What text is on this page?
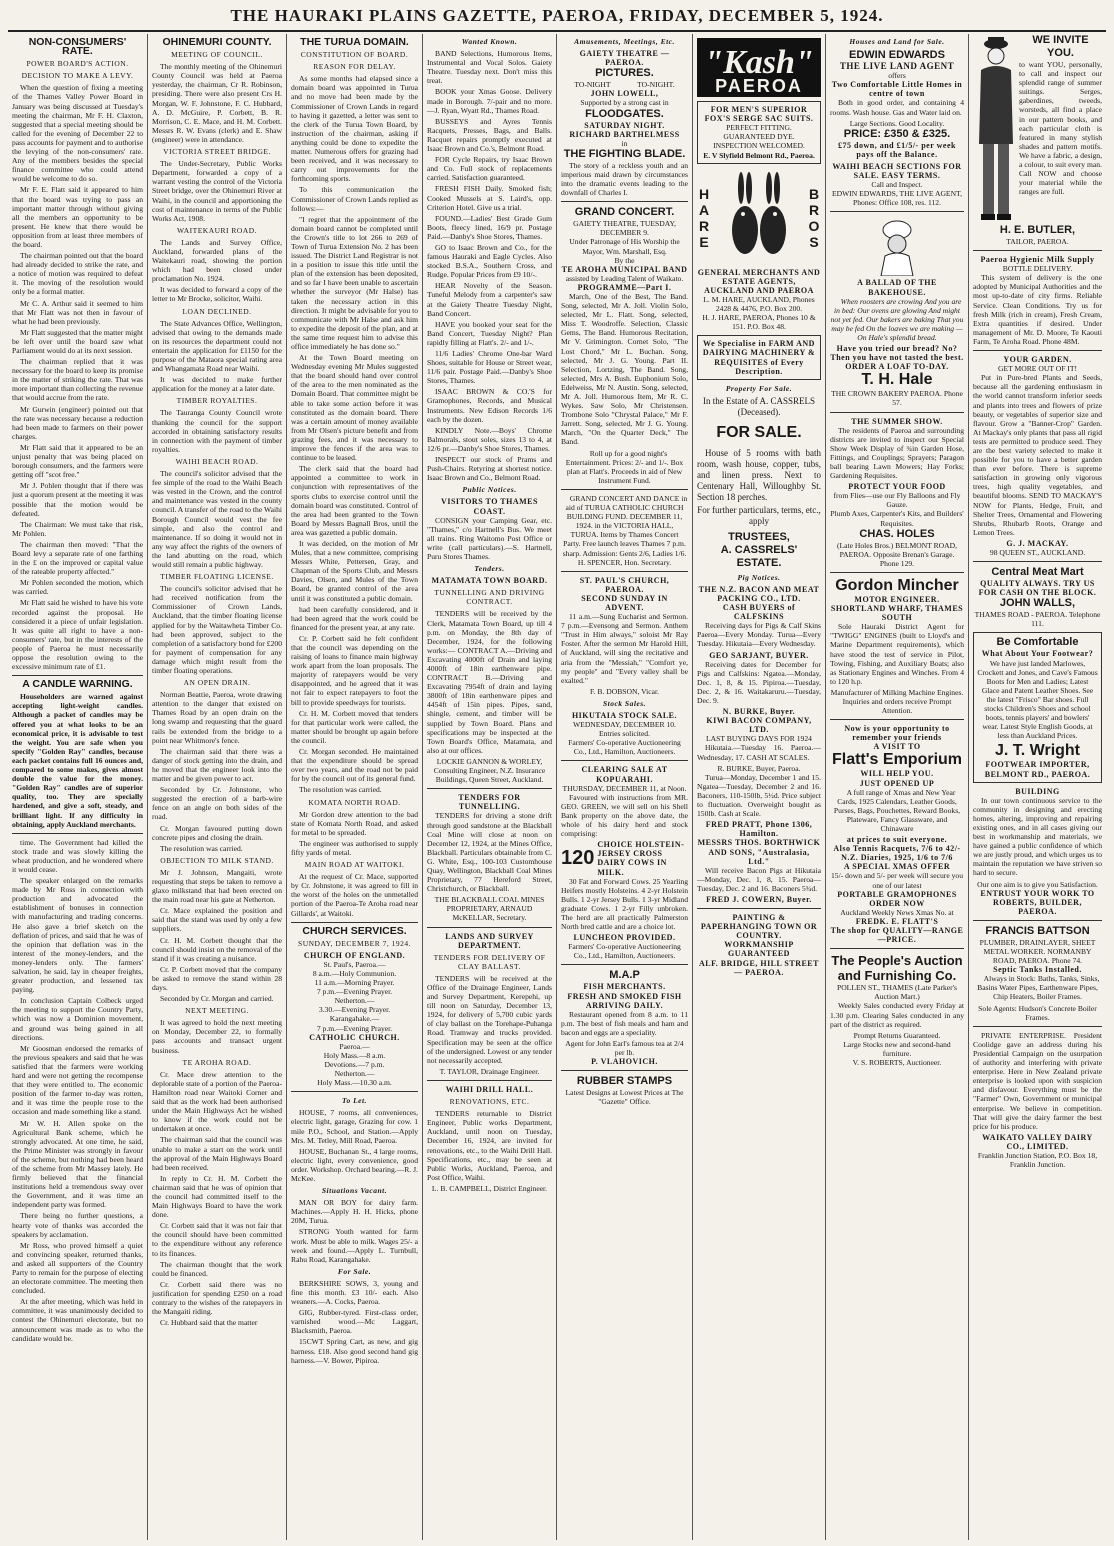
THE HAURAKI PLAINS GAZETTE, PAEROA, FRIDAY, DECEMBER 5, 1924.
NON-CONSUMERS' RATE.
POWER BOARD'S ACTION.
DECISION TO MAKE A LEVY.

When the question of fixing a meeting of the Thames Valley Power Board in January was being discussed at Tuesday's meeting the chairman, Mr F. H. Claxton, suggested that a special meeting should be called for the evening of December 22 to pass accounts for payment and to authorise the levying of the non-consumers' rate. Any of the members besides the special finance committee who could attend would be welcome to do so.

Mr F. E. Flatt said it appeared to him that the board was trying to pass an important matter through without giving all the members an opportunity to be present. He knew that there would be opposition from at least three members of the board.

The chairman pointed out that the board had already decided to strike the rate, and a notice of motion was required to defeat it. The moving of the resolution would only be a formal matter.

Mr C. A. Arthur said it seemed to him that Mr Flatt was not then in favour of what he had been previously.

Mr Flatt suggested that the matter might be left over until the board saw what Parliament would do at its next session.

The chairman replied that it was necessary for the board to keep its promise in the matter of striking the rate. That was more important than collecting the revenue that would accrue from the rate.

Mr Gurwin (engineer) pointed out that the rate was necessary because a reduction had been made to farmers on their power charges.

Mr Flatt said that it appeared to be an unjust penalty that was being placed on borough consumers, and the farmers were getting off "scot free."

Mr J. Pohlen thought that if there was just a quorum present at the meeting it was possible that the motion would be defeated.

The Chairman: We must take that risk, Mr Pohlen.

The chairman then moved: "That the Board levy a separate rate of one farthing in the £ on the improved or capital value of the rateable property affected."

Mr Pohlen seconded the motion, which was carried.

Mr Flatt said he wished to have his vote recorded against the proposal. He considered it a piece of unfair legislation. It was quite all right to have a non-consumers' rate, but in the interests of the people of Paeroa he must necessarily oppose the resolution owing to the excessive minimum rate of £1.

A CANDLE WARNING.

Householders are warned against accepting light-weight candles. Although a packet of candles may be offered you at what looks to be an economical price, it is advisable to test the weight. You are safe when you specify "Golden Ray" candles, because each packet contains full 16 ounces and, compared to some makes, gives almost double the value for the money. "Golden Ray" candles are of superior quality, too. They are specially hardened, and give a soft, steady, and brilliant light. If any difficulty in obtaining, apply Auckland merchants.

time. The Government had killed the stock trade and was slowly killing the wheat production, and he wondered where it would cease.

The speaker enlarged on the remarks made by Mr Ross in connection with production and advocated the establishment of bonuses in connection with manufacturing and trading concerns. He also gave a brief sketch on the deflation of prices, and said that he was of the opinion that deflation was in the interest of the money-lenders, and the money-lenders only. The farmers' salvation, he said, lay in cheaper freights, greater production, and lessened tax paying.

In conclusion Captain Colbeck urged the meeting to support the Country Party, which was now a Dominion movement, and ground was being gained in all directions.

Mr Goosman endorsed the remarks of the previous speakers and said that he was satisfied that the farmers were working hard and were not getting the recompense that they were entitled to. The economic position of the farmer to-day was rotten, and it was time the people rose to the occasion and made something like a stand.

Mr W. H. Allen spoke on the Agricultural Bank scheme, which he strongly advocated. At one time, he said, the Prime Minister was strongly in favour of the scheme, but nothing had been heard of the scheme from Mr Massey lately. He firmly believed that the financial institutions held a tremendous sway over the Government, and it was time an independent party was formed.

There being no further questions, a hearty vote of thanks was accorded the speakers by acclamation.

Mr Ross, who proved himself a quiet and convincing speaker, returned thanks, and asked all supporters of the Country Party to remain for the purpose of electing an electorate committee. The meeting then concluded.

At the after meeting, which was held in committee, it was unanimously decided to contest the Ohinemuri electorate, but no announcement was made as to who the candidate would be.

OHINEMURI COUNTY.
MEETING OF COUNCIL.

The monthly meeting of the Ohinemuri County Council was held at Paeroa yesterday, the chairman, Cr R. Robinson, presiding. There were also present Crs H. Morgan, W. F. Johnstone, F. C. Hubbard, A. D. McGuire, P. Corbett, B. R. Morrison, C. E. Mace, and H. M. Corbett. Messrs R. W. Evans (clerk) and E. Shaw (engineer) were in attendance.

VICTORIA STREET BRIDGE.

The Under-Secretary, Public Works Department, forwarded a copy of a warrant vesting the control of the Victoria Street bridge, over the Ohinemuri River at Waihi, in the council and apportioning the cost of maintenance in terms of the Public Works Act, 1908.

WAITEKAURI ROAD.

The Lands and Survey Office, Auckland, forwarded plans of the Waitekauri road, showing the portion which had been closed under proclamation No. 1924.

It was decided to forward a copy of the letter to Mr Brocke, solicitor, Waihi.

LOAN DECLINED.

The State Advances Office, Wellington, advised that owing to the demands made on its resources the department could not entertain the application for £1150 for the purpose of the Mataora special rating area and Whangamata Road near Waihi.

It was decided to make further application for the money at a later date.

TIMBER ROYALTIES.

The Tauranga County Council wrote thanking the council for the support accorded in obtaining satisfactory results in connection with the payment of timber royalties.

WAIHI BEACH ROAD.

The council's solicitor advised that the fee simple of the road to the Waihi Beach was vested in the Crown, and the control and maintenance was vested in the county council. A transfer of the road to the Waihi Borough Council would vest the fee simple, and also the control and maintenance. If so doing it would not in any way affect the rights of the owners of the land abutting on the road, which would still remain a public highway.

TIMBER FLOATING LICENSE.

The council's solicitor advised that he had received notification from the Commissioner of Crown Lands, Auckland, that the timber floating license applied for by the Waitawheta Timber Co. had been approved, subject to the completion of a satisfactory bond for £200 for payment of compensation for any damage which might result from the timber floating operations.

AN OPEN DRAIN.

Norman Beattie, Paeroa, wrote drawing attention to the danger that existed on Thames Road by an open drain on the long swamp and requesting that the guard rails be extended from the bridge to a point near Whitmore's fence.

The chairman said that there was a danger of stock getting into the drain, and he moved that the engineer look into the matter and be given power to act.

Seconded by Cr. Johnstone, who suggested the erection of a barb-wire fence on an angle on both sides of the road.

Cr. Morgan favoured putting down concrete pipes and closing the drain.

The resolution was carried.

OBJECTION TO MILK STAND.

Mr J. Johnson, Mangaiti, wrote requesting that steps be taken to remove a glaxo milkstand that had been erected on the main road near his gate at Netherton.

Cr. Mace explained the position and said that the stand was used by only a few suppliers.

Cr. H. M. Corbett thought that the council should insist on the removal of the stand if it was creating a nuisance.

Cr. P. Corbett moved that the company be asked to remove the stand within 28 days.

Seconded by Cr. Morgan and carried.

NEXT MEETING.

It was agreed to hold the next meeting on Monday, December 22, to formally pass accounts and transact urgent business.

TE AROHA ROAD.

Cr. Mace drew attention to the deplorable state of a portion of the Paeroa-Hamilton road near Waitoki Corner and said that as the work had been authorised under the Main Highways Act he wished to know if the work could not be undertaken at once.

The chairman said that the council was unable to make a start on the work until the approval of the Main Highways Board had been received.

In reply to Cr. H. M. Corbett the chairman said that he was of opinion that the council had committed itself to the Main Highways Board to have the work done.

Cr. Corbett said that it was not fair that the council should have been committed to the expenditure without any reference to its finances.

The chairman thought that the work could be financed.

Cr. Corbett said there was no justification for spending £250 on a road contrary to the wishes of the ratepayers in the Mangaiti riding.

Cr. Hubbard said that the matter

THE TURUA DOMAIN.
CONSTITUTION OF BOARD.
REASON FOR DELAY.

As some months had elapsed since a domain board was appointed in Turua and no move had been made by the Commissioner of Crown Lands in regard to having it gazetted, a letter was sent to the clerk of the Turua Town Board, by instruction of the chairman, asking if anything could be done to expedite the matter. Numerous offers for grazing had been received, and it was necessary to carry out improvements for the forthcoming sports.

To this communication the Commissioner of Crown Lands replied as follows:—

"I regret that the appointment of the domain board cannot be completed until the Crown's title to lot 266 to 269 of Town of Turua Extension No. 2 has been issued. The District Land Registrar is not in a position to issue this title until the plan of the extension has been deposited, and so far I have been unable to ascertain whether the surveyor (Mr Halse) has taken the necessary action in this direction. It might be advisable for you to communicate with Mr Halse and ask him to expedite the deposit of the plan, and at the same time request him to advise this office immediately he has done so."

At the Town Board meeting on Wednesday evening Mr Mules suggested that the board should hand over control of the area to the men nominated as the Domain Board. That committee might be able to take some action before it was constituted as the domain board. There was a certain amount of money available from Mr Olsen's picture benefit and from grazing fees, and it was necessary to improve the fences if the area was to continue to be leased.

The clerk said that the board had appointed a committee to work in conjunction with representatives of the sports clubs to exercise control until the domain board was constituted. Control of the area had been granted to the Town Board by Messrs Bagnall Bros, until the area was gazetted a public domain.

It was decided, on the motion of Mr Mules, that a new committee, comprising Messrs White, Pettersen, Gray, and Chapman of the Sports Club, and Messrs Davies, Olsen, and Mules of the Town Board, be granted control of the area until it was constituted a public domain.

had been carefully considered, and it had been agreed that the work could be financed for the present year, at any rate.

Cr. P. Corbett said he felt confident that the council was depending on the raising of loans to finance main highway work apart from the loan proposals. The majority of ratepayers would be very disappointed, and he agreed that it was not fair to expect ratepayers to foot the bill to provide speedways for tourists.

Cr. H. M. Corbett moved that tenders for that particular work were called, the matter should be brought up again before the council.

Cr. Morgan seconded. He maintained that the expenditure should be spread over two years, and the road not be paid for by the council out of its general fund.

The resolution was carried.

KOMATA NORTH ROAD.

Mr Gordon drew attention to the bad state of Komata North Road, and asked for metal to be spreaded.

The engineer was authorised to supply fifty yards of metal.

MAIN ROAD AT WAITOKI.

At the request of Cr. Mace, supported by Cr. Johnstone, it was agreed to fill in the worst of the holes on the unmetalled portion of the Paeroa-Te Aroha road near Gillards', at Waitoki.

CHURCH SERVICES.
SUNDAY, DECEMBER 7, 1924.
CHURCH OF ENGLAND.
St. Paul's, Paeroa.—
8 a.m.—Holy Communion.
11 a.m.—Morning Prayer.
7 p.m.—Evening Prayer.
Netherton.—
3.30.—Evening Prayer.
Karangahake.—
7 p.m.—Evening Prayer.
CATHOLIC CHURCH.
Paeroa.—
Holy Mass.—8 a.m.
Devotions.—7 p.m.
Netherton.—
Holy Mass.—10.30 a.m.
To Let.

HOUSE, 7 rooms, all conveniences, electric light, garage, Grazing for cow. 1 mile P.O., School, and Station.—Apply Mrs. M. Tetley, Mill Road, Paeroa.

HOUSE, Buchanan St., 4 large rooms, electric light, every convenience, good order. Workshop. Orchard bearing.—R. J. McKee.

Situations Vacant.

MAN OR BOY for dairy farm. Machines.—Apply H. H. Hicks, phone 20M, Turua.

STRONG Youth wanted for farm work. Must be able to milk. Wages 25/- a week and found.—Apply L. Turnbull, Rahu Road, Karangahake.

For Sale.

BERKSHIRE SOWS, 3, young and fine this month. £3 10/- each. Also weaners.—A. Cocks, Paeroa.

GIG, Rubber-tyred. First-class order, varnished wood.—Mc Laggart, Blacksmith, Paeroa.

15CWT Spring Cart, as new, and gig harness. £18. Also good second hand gig harness.—V. Bower, Pipiroa.

Wanted Known.

BAND Selections, Humorous Items, Instrumental and Vocal Solos. Gaiety Theatre. Tuesday next. Don't miss this treat.

BOOK your Xmas Goose. Delivery made in Borough. 7/-pair and no more.—J. Ryan, Wyatt Rd., Thames Road.

BUSSEYS and Ayres Tennis Racquets, Presses, Bags, and Balls. Racquet repairs promptly executed at Isaac Brown and Co.'s, Belmont Road.

FOR Cycle Repairs, try Isaac Brown and Co. Full stock of replacements carried. Satisfaction guaranteed.

FRESH FISH Daily. Smoked fish; Cooked Mussels at S. Laird's, opp. Criterion Hotel. Give us a trial.

FOUND.—Ladies' Best Grade Gum Boots, fleecy lined, 16/9 pr. Postage Paid.—Danby's Shoe Stores, Thames.

GO to Isaac Brown and Co., for the famous Hauraki and Eagle Cycles. Also stocked B.S.A., Southern Cross, and Rudge. Popular Prices from £9 10/-.

HEAR Novelty of the Season. Tuneful Melody from a carpenter's saw at the Gaiety Theatre Tuesday Night, Band Concert.

HAVE you booked your seat for the Band Concert, Tuesday Night? Plan rapidly filling at Flatt's. 2/- and 1/-.

11/6 Ladies' Chrome One-bar Ward Shoes, suitable for House or Street wear, 11/6 pair. Postage Paid.—Danby's Shoe Stores, Thames.

ISAAC BROWN & CO.'S for Gramophones, Records, and Musical Instruments. New Edison Records 1/6 each by the dozen.

KINDLY Note.—Boys' Chrome Balmorals, stout soles, sizes 13 to 4, at 12/6 pr.—Danby's Shoe Stores, Thames.

INSPECT our stock of Prams and Push-Chairs. Retyring at shortest notice. Isaac Brown and Co., Belmont Road.

Public Notices.
VISITORS TO THAMES COAST.

CONSIGN your Camping Gear, etc. "Thames," c/o Hartnell's Bus. We meet all trains. Ring Waitomo Post Office or write (call particulars).—S. Hartnell, Puru Stores Thames.

Tenders.
MATAMATA TOWN BOARD.
TUNNELLING AND DRIVING CONTRACT.

TENDERS will be received by the Clerk, Matamata Town Board, up till 4 p.m. on Monday, the 8th day of December, 1924, for the following works:— CONTRACT A.—Driving and Excavating 4000ft of Drain and laying 4000ft of 18in earthenware pipe. CONTRACT B.—Driving and Excavating 7954ft of drain and laying 3800ft of 18in earthenware pipes and 4454ft of 15in pipes. Pipes, sand, shingle, cement, and timber will be supplied by Town Board. Plans and specifications may be inspected at the Town Board's Office, Matamata, and also at our offices.

LOCKIE GANNON & WORLEY, Consulting Engineer, N.Z. Insurance Buildings, Queen Street, Auckland.
TENDERS FOR TUNNELLING.

TENDERS for driving a stone drift through good sandstone at the Blackball Coal Mine will close at noon on December 12, 1924, at the Mines Office, Blackball. Particulars obtainable from C. G. White, Esq., 100-103 Customhouse Quay, Wellington, Blackball Coal Mines Proprietary, 77 Hereford Street, Christchurch, or Blackball.

THE BLACKBALL COAL MINES PROPRIETARY, ARNAUD McKELLAR, Secretary.
LANDS AND SURVEY DEPARTMENT.
TENDERS FOR DELIVERY OF CLAY BALLAST.

TENDERS will be received at the Office of the Drainage Engineer, Lands and Survey Department, Kerepehi, up till noon on Saturday, December 13, 1924, for delivery of 5,700 cubic yards of clay ballast on the Torehape-Puhanga Road. Tramway and trucks provided. Specification may be seen at the office of the undersigned. Lowest or any tender not necessarily accepted.

T. TAYLOR, Drainage Engineer.
WAIHI DRILL HALL.
RENOVATIONS, ETC.

TENDERS returnable to District Engineer, Public works Department, Auckland, until noon on Tuesday, December 16, 1924, are invited for renovations, etc., to the Waihi Drill Hall. Specifications, etc., may be seen at Public Works, Auckland, Paeroa, and Post Office, Waihi.

L. B. CAMPBELL, District Engineer.
Amusements, Meetings, Etc.
GAIETY THEATRE — PAEROA.
PICTURES.
TO-NIGHT	TO-NIGHT.
JOHN LOWELL,
Supported by a strong cast in
FLOODGATES.
SATURDAY NIGHT.
RICHARD BARTHELMESS
in
THE FIGHTING BLADE.

The story of a reckless youth and an imperious maid drawn by circumstances into the dramatic events leading to the downfall of Charles I.

GRAND CONCERT.
GAIETY THEATRE, TUESDAY, DECEMBER 9.
Under Patronage of His Worship the Mayor, Wm. Marshall, Esq.
By the
TE AROHA MUNICIPAL BAND
assisted by Leading Talent of Waikato.
PROGRAMME—Part I.

March, One of the Best, The Band. Song, selected, Mr A. Joll. Violin Solo, selected, Mr L. Flatt. Song, selected, Miss T. Woodroffe. Selection, Classic Gems, The Band. Humorous Recitation, Mr V. Grimington. Cornet Solo, "The Lost Chord," Mr L. Buchan. Song, selected, Mr J. G. Young. Part II. Selection, Lortzing, The Band. Song, selected, Mrs A. Bush. Euphonium Solo, Edelweiss, Mr N. Austin. Song, selected, Mr A. Joll. Humorous Item, Mr R. C. Wykes. Saw Solo, Mr Christensen. Trombone Solo "Chrystal Palace," Mr F. Jarrett. Song, selected, Mr J. G. Young. March, "On the Quarter Deck," The Band.

Roll up for a good night's Entertainment. Prices: 2/- and 1/-. Box plan at Flatt's. Proceeds in aid of New Instrument Fund.

GRAND CONCERT AND DANCE in aid of TURUA CATHOLIC CHURCH BUILDING FUND. DECEMBER 11, 1924. in the VICTORIA HALL, TURUA. Items by Thames Concert Party. Free launch leaves Thames 7 p.m. sharp. Admission: Gents 2/6, Ladies 1/6. H. SPENCER, Hon. Secretary.

ST. PAUL'S CHURCH, PAEROA.
SECOND SUNDAY IN ADVENT.

11 a.m.—Sung Eucharist and Sermon. 7 p.m.—Evensong and Sermon. Anthem "Trust in Him always," soloist Mr Ray Foster. After the sermon Mr Harold Hill, of Auckland, will sing the recitative and aria from the "Messiah," "Comfort ye, my people" and "Every valley shall be exalted."

F. B. DOBSON, Vicar.
Stock Sales.
HIKUTAIA STOCK SALE.
WEDNESDAY, DECEMBER 10.
Entries solicited.
Farmers' Co-operative Auctioneering Co., Ltd., Hamilton, Auctioneers.
CLEARING SALE AT KOPUARAHI.
THURSDAY, DECEMBER 11, at Noon.

Favoured with instructions from MR. GEO. GREEN, we will sell on his Shell Bank property on the above date, the whole of his dairy herd and stock comprising:

120
CHOICE HOLSTEIN-JERSEY CROSS DAIRY COWS IN MILK.

30 Fat and Forward Cows. 25 Yearling Heifers mostly Holsteins. 4 2-yr Holstein Bulls. 1 2-yr Jersey Bulls. 1 3-yr Midland graduate Cows. 1 2-yr Filly unbroken. The herd are all practically Palmerston North bred cattle and are a choice lot.

LUNCHEON PROVIDED.
Farmers' Co-operative Auctioneering Co., Ltd., Hamilton, Auctioneers.
M.A.P
FISH MERCHANTS.
FRESH AND SMOKED FISH ARRIVING DAILY.

Restaurant opened from 8 a.m. to 11 p.m. The best of fish meals and ham and bacon and eggs are a speciality.

Agent for John Earl's famous tea at 2/4 per lb.
P. VLAHOVICH.
RUBBER STAMPS
Latest Designs at Lowest Prices at The "Gazette" Office.
"Kash"
PAEROA
FOR MEN'S SUPERIOR FOX'S SERGE SAC SUITS.
PERFECT FITTING.
GUARANTEED DYE.
INSPECTION WELCOMED.
E. V Slyfield Belmont Rd., Paeroa.
HARE	BROS
GENERAL MERCHANTS AND ESTATE AGENTS,
AUCKLAND AND PAEROA
L. M. HARE, AUCKLAND, Phones 2428 & 4476, P.O. Box 200.
H. J. HARE, PAEROA, Phones 10 & 151. P.O. Box 48.
We Specialise in FARM AND DAIRYING MACHINERY & REQUISITES of Every Description.
Property For Sale.
In the Estate of A. CASSRELS (Deceased).
FOR SALE.

House of 5 rooms with bath room, wash house, copper, tubs, and linen press. Next to Centenary Hall, Willoughby St. Section 18 perches.

For further particulars, terms, etc., apply
TRUSTEES,
A. CASSRELS' ESTATE.
Pig Notices.
THE N.Z. BACON AND MEAT PACKING CO., LTD.
CASH BUYERS of CALFSKINS

Receiving days for Pigs & Calf Skins Paeroa—Every Monday. Turua—Every Tuesday. Hikutaia—Every Wednesday.

GEO SARJANT, BUYER.

Receiving dates for December for Pigs and Calfskins: Ngatea.—Monday, Dec. 1, 8, & 15. Pipiroa.—Tuesday, Dec. 2, & 16. Waitakaruru.—Tuesday, Dec. 9.

N. BURKE, Buyer.
KIWI BACON COMPANY, LTD.
LAST BUYING DAYS FOR 1924

Hikutaia.—Tuesday 16. Paeroa.—Wednesday, 17. CASH AT SCALES.

R. BURKE, Buyer, Paeroa.

Turua—Monday, December 1 and 15. Ngatea—Tuesday, December 2 and 16. Baconers, 110-150lb, 5½d. Price subject to fluctuation. Overweight bought as 150lb. Cash at Scale.

FRED PRATT, Phone 1306, Hamilton.
MESSRS THOS. BORTHWICK AND SONS, "Australasia, Ltd."

Will receive Bacon Pigs at Hikutaia—Monday, Dec. 1, 8, 15. Paeroa—Tuesday, Dec. 2 and 16. Baconers 5¾d.

FRED J. COWERN, Buyer.
PAINTING & PAPERHANGING TOWN OR COUNTRY.
WORKMANSHIP GUARANTEED
ALF. BRIDGE, HILL STREET — PAEROA.
Houses and Land for Sale.
EDWIN EDWARDS
THE LIVE LAND AGENT
offers
Two Comfortable Little Homes in centre of town

Both in good order, and containing 4 rooms. Wash house. Gas and Water laid on.

Large Sections. Good Locality.
PRICE: £350 & £325.
£75 down, and £1/5/- per week pays off the Balance.
WAIHI BEACH SECTIONS FOR SALE. EASY TERMS.
Call and Inspect.
EDWIN EDWARDS, THE LIVE AGENT, Phones: Office 108, res. 112.
A BALLAD OF THE BAKEHOUSE.

When roosters are crowing And you are in bed: Our ovens are glowing And might not yet fed. Our bakers are baking That you may be fed On the loaves we are making —On Hale's splendid bread.

Have you tried our bread? No? Then you have not tasted the best.
ORDER A LOAF TO-DAY.
T. H. Hale
THE CROWN BAKERY PAEROA. Phone 57.
THE SUMMER SHOW.

The residents of Paeroa and surrounding districts are invited to inspect our Special Show Week Display of ¾in Garden Hose, Fittings, and Couplings; Sprayers; Paragon ball bearing Lawn Mowers; Hay Forks; Gardening Requisites.

PROTECT YOUR FOOD
from Flies—use our Fly Balloons and Fly Gauze.
Plumb Axes, Carpenter's Kits, and Builders' Requisites.
CHAS. HOLES
(Late Holes Bros.) BELMONT ROAD, PAEROA. Opposite Brenan's Garage. Phone 129.
Gordon Mincher
MOTOR ENGINEER. SHORTLAND WHARF, THAMES SOUTH

Sole Hauraki District Agent for "TWIGG" ENGINES (built to Lloyd's and Marine Department requirements), which have stood the test of service in Pilot, Towing, Fishing, and Auxiliary Boats; also as Stationary Engines and Winches. From 4 to 120 h.p.

Manufacturer of Milking Machine Engines.
Inquiries and orders receive Prompt Attention.
Now is your opportunity to remember your friends
A VISIT TO
Flatt's Emporium
WILL HELP YOU.
JUST OPENED UP

A full range of Xmas and New Year Cards, 1925 Calendars, Leather Goods, Purses, Bags, Pouchettes, Reward Books, Plateware, Fancy Glassware, and Chinaware

at prices to suit everyone.
Also Tennis Racquets, 7/6 to 42/- N.Z. Diaries, 1925, 1/6 to 7/6
A SPECIAL XMAS OFFER
15/- down and 5/- per week will secure you one of our latest
PORTABLE GRAMOPHONES
ORDER NOW
Auckland Weekly News Xmas No. at
FREDK. E. FLATT'S
The shop for QUALITY—RANGE—PRICE.
The People's Auction and Furnishing Co.
POLLEN ST., THAMES (Late Parker's Auction Mart.)

Weekly Sales conducted every Friday at 1.30 p.m. Clearing Sales conducted in any part of the district as required.

Prompt Returns Guaranteed.
Large Stocks new and second-hand furniture.
V. S. ROBERTS, Auctioneer.
WE INVITE YOU.

to want YOU, personally, to call and inspect our splendid range of summer suitings. Serges, gaberdines, tweeds, worsteds, all find a place in our pattern books, and each particular cloth is featured in many stylish shades and pattern motifs. We have a fabric, a design, a colour, to suit every man. Call NOW and choose your material while the ranges are full.

H. E. BUTLER,
TAILOR, PAEROA.
Paeroa Hygienic Milk Supply
BOTTLE DELIVERY.

This system of delivery is the one adopted by Municipal Authorities and the most up-to-date of city firms. Reliable Service. Clean Conditions. Try us for fresh Milk (rich in cream), Fresh Cream, Extra quantities if desired. Under management of Mr. D. Moore, Te Kaouti Farm, Te Aroha Road. Phone 48M.

YOUR GARDEN.
GET MORE OUT OF IT!

Put in Pure-bred Plants and Seeds, because all the gardening enthusiasm in the world cannot transform inferior seeds and plants into trees and flowers of prize beauty, or vegetables of superior size and flavour. Grow a "Banner-Crop" Garden. At Mackay's only plants that pass all rigid tests are permitted to produce seed. They are the best variety selected to make it possible for you to have a better garden than ever before. There is supreme satisfaction in growing only vigorous trees, high quality vegetables, and beautiful blooms. SEND TO MACKAY'S NOW for Plants, Hedge, Fruit, and Shelter Trees, Ornamental and Flowering Shrubs, Rhubarb Roots, Orange and Lemon Trees.

G. J. MACKAY.
98 QUEEN ST., AUCKLAND.
Central Meat Mart
QUALITY ALWAYS. TRY US FOR CASH ON THE BLOCK.
JOHN WALLS,
THAMES ROAD - PAEROA. Telephone 111.
Be Comfortable
What About Your Footwear?

We have just landed Marlowes, Crockett and Jones, and Cave's Famous Boots for Men and Ladies; Latest Glace and Patent Leather Shoes. See the latest "Frisco" Bar shoes. Full stocks Children's Shoes and school boots, tennis players' and bowlers' wear. Latest Style English Goods, at less than Auckland Prices.

J. T. Wright
FOOTWEAR IMPORTER, BELMONT RD., PAEROA.
BUILDING

In our town continuous service to the community in designing and erecting homes, altering, improving and repairing existing ones, and in all cases giving our best in workmanship and materials, we have gained a public confidence of which we are justly proud, and which urges us to maintain the reputation we have striven so hard to secure.

Our one aim is to give you Satisfaction.
ENTRUST YOUR WORK TO ROBERTS, BUILDER, PAEROA.
FRANCIS BATTSON
PLUMBER, DRAINLAYER, SHEET METAL WORKER. NORMANBY ROAD, PAEROA. Phone 74.
Septic Tanks Installed.

Always in Stock: Baths, Tanks, Sinks, Basins Water Pipes, Earthenware Pipes, Chip Heaters, Boiler Frames.

Sole Agents: Hudson's Concrete Boiler Frames.

PRIVATE ENTERPRISE. President Coolidge gave an address during his Presidential Campaign on the usurpation of authority and interfering with private enterprise. Here in New Zealand private enterprise is looked upon with suspicion and disfavour. Everything must be the "Farmer" Own, Government or municipal enterprise. We believe in competition. That will give the dairy farmer the best price for his produce.

WAIKATO VALLEY DAIRY CO., LIMITED.
Franklin Junction Station, P.O. Box 18, Franklin Junction.
